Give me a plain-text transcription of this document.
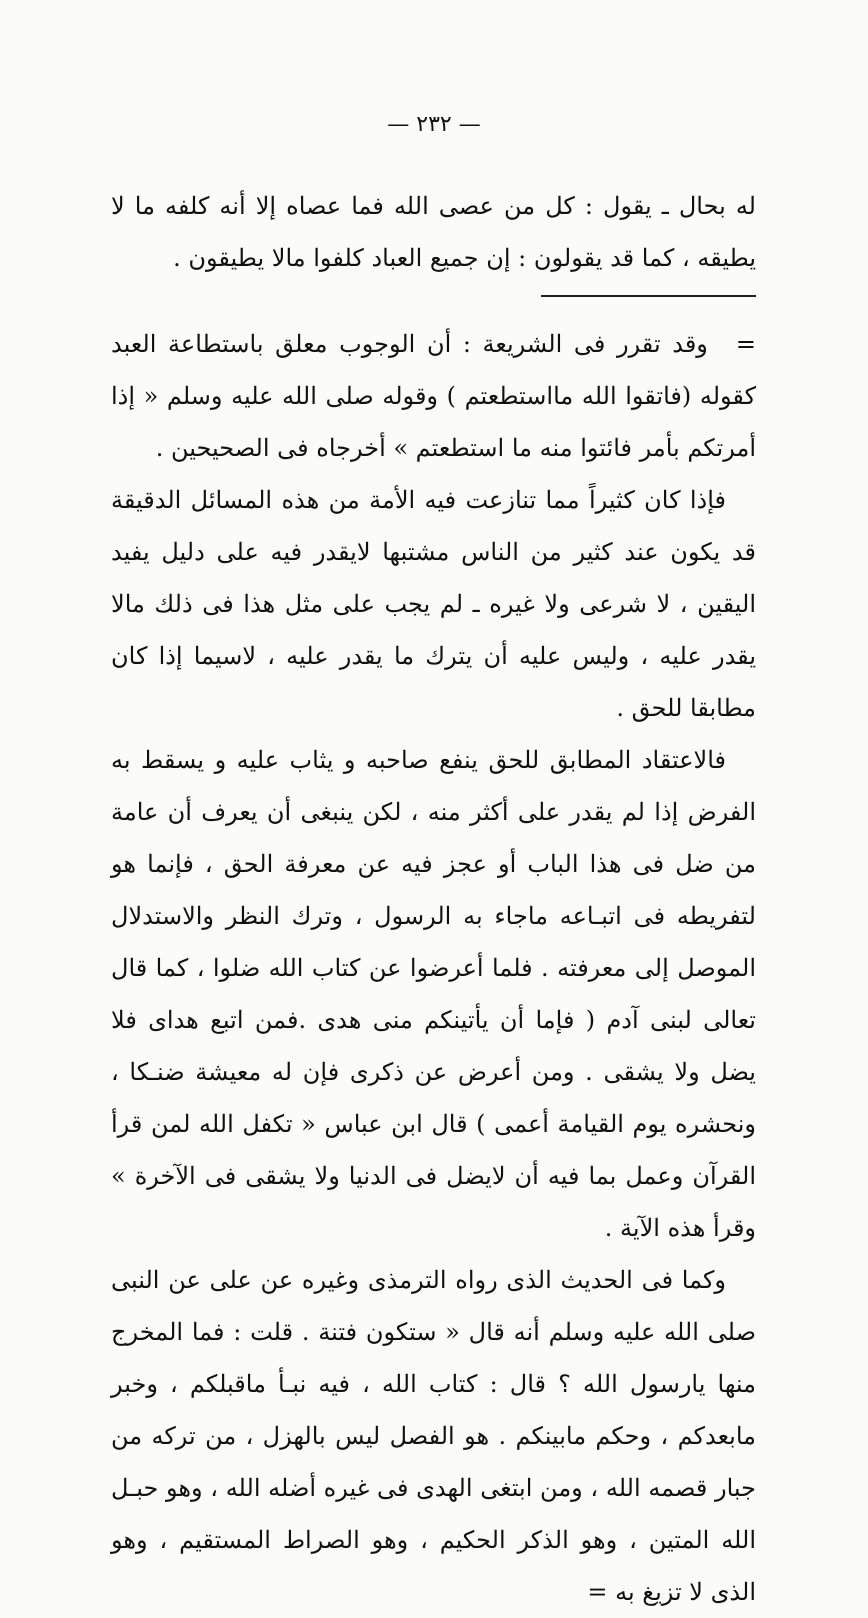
— ٢٣٢ —

له بحال ـ يقول : كل من عصى الله فما عصاه إلا أنه كلفه ما لا يطيقه ، كما قد يقولون : إن جميع العباد كلفوا مالا يطيقون .

=وقد تقرر فى الشريعة : أن الوجوب معلق باستطاعة العبد كقوله (فاتقوا الله مااستطعتم ) وقوله صلى الله عليه وسلم « إذا أمرتكم بأمر فائتوا منه ما استطعتم » أخرجاه فى الصحيحين .

فإذا كان كثيراً مما تنازعت فيه الأمة من هذه المسائل الدقيقة قد يكون عند كثير من الناس مشتبها لايقدر فيه على دليل يفيد اليقين ، لا شرعى ولا غيره ـ لم يجب على مثل هذا فى ذلك مالا يقدر عليه ، وليس عليه أن يترك ما يقدر عليه ، لاسيما إذا كان مطابقا للحق .

فالاعتقاد المطابق للحق ينفع صاحبه و يثاب عليه و يسقط به الفرض إذا لم يقدر على أكثر منه ، لكن ينبغى أن يعرف أن عامة من ضل فى هذا الباب أو عجز فيه عن معرفة الحق ، فإنما هو لتفريطه فى اتبـاعه ماجاء به الرسول ، وترك النظر والاستدلال الموصل إلى معرفته . فلما أعرضوا عن كتاب الله ضلوا ، كما قال تعالى لبنى آدم ( فإما أن يأتينكم منى هدى .فمن اتبع هداى فلا يضل ولا يشقى . ومن أعرض عن ذكرى فإن له معيشة ضنـكا ، ونحشره يوم القيامة أعمى ) قال ابن عباس « تكفل الله لمن قرأ القرآن وعمل بما فيه أن لايضل فى الدنيا ولا يشقى فى الآخرة » وقرأ هذه الآية .

وكما فى الحديث الذى رواه الترمذى وغيره عن على عن النبى صلى الله عليه وسلم أنه قال « ستكون فتنة . قلت : فما المخرج منها يارسول الله ؟ قال : كتاب الله ، فيه نبـأ ماقبلكم ، وخبر مابعدكم ، وحكم مابينكم . هو الفصل ليس بالهزل ، من تركه من جبار قصمه الله ، ومن ابتغى الهدى فى غيره أضله الله ، وهو حبـل الله المتين ، وهو الذكر الحكيم ، وهو الصراط المستقيم ، وهو الذى لا تزيغ به =
